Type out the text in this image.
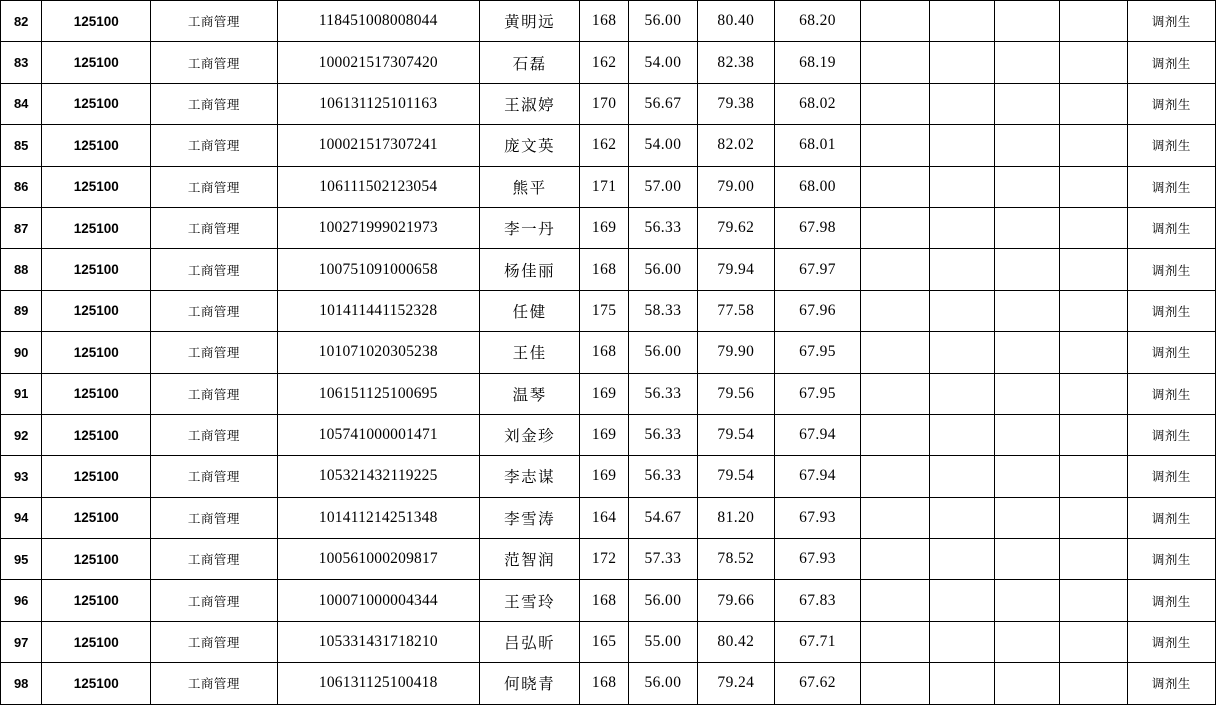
82	125100	工商管理	118451008008044	黄明远	168	56.00	80.40	68.20					调剂生
83	125100	工商管理	100021517307420	石磊	162	54.00	82.38	68.19					调剂生
84	125100	工商管理	106131125101163	王淑婷	170	56.67	79.38	68.02					调剂生
85	125100	工商管理	100021517307241	庞文英	162	54.00	82.02	68.01					调剂生
86	125100	工商管理	106111502123054	熊平	171	57.00	79.00	68.00					调剂生
87	125100	工商管理	100271999021973	李一丹	169	56.33	79.62	67.98					调剂生
88	125100	工商管理	100751091000658	杨佳丽	168	56.00	79.94	67.97					调剂生
89	125100	工商管理	101411441152328	任健	175	58.33	77.58	67.96					调剂生
90	125100	工商管理	101071020305238	王佳	168	56.00	79.90	67.95					调剂生
91	125100	工商管理	106151125100695	温琴	169	56.33	79.56	67.95					调剂生
92	125100	工商管理	105741000001471	刘金珍	169	56.33	79.54	67.94					调剂生
93	125100	工商管理	105321432119225	李志谋	169	56.33	79.54	67.94					调剂生
94	125100	工商管理	101411214251348	李雪涛	164	54.67	81.20	67.93					调剂生
95	125100	工商管理	100561000209817	范智润	172	57.33	78.52	67.93					调剂生
96	125100	工商管理	100071000004344	王雪玲	168	56.00	79.66	67.83					调剂生
97	125100	工商管理	105331431718210	吕弘昕	165	55.00	80.42	67.71					调剂生
98	125100	工商管理	106131125100418	何晓青	168	56.00	79.24	67.62					调剂生
